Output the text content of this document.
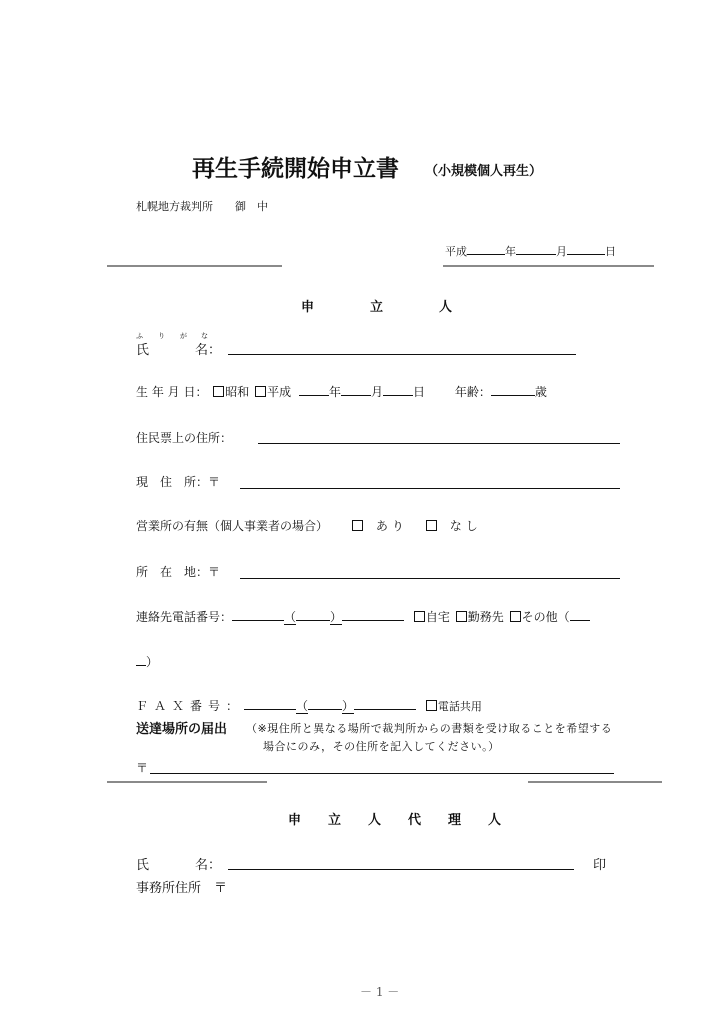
再生手続開始申立書 （小規模個人再生）
札幌地方裁判所　　御　中
平成	年	月	日
申　　立　　人
ふ り が な
氏	名：
生 年 月 日： 昭和 平成	年	月	日 年齢：	歳
住民票上の住所：
現　住　所：〒
営業所の有無（個人事業者の場合）	あり	なし
所　在　地：〒
連絡先電話番号：	（	）	自宅 勤務先 その他（
）
ＦＡＸ番号：	（	）	電話共用
送達場所の届出 （※現住所と異なる場所で裁判所からの書類を受け取ることを希望する
場合にのみ，その住所を記入してください。）
〒
申　立　人　代　理　人
氏	名：	印
事務所住所　〒
－ 1 －
